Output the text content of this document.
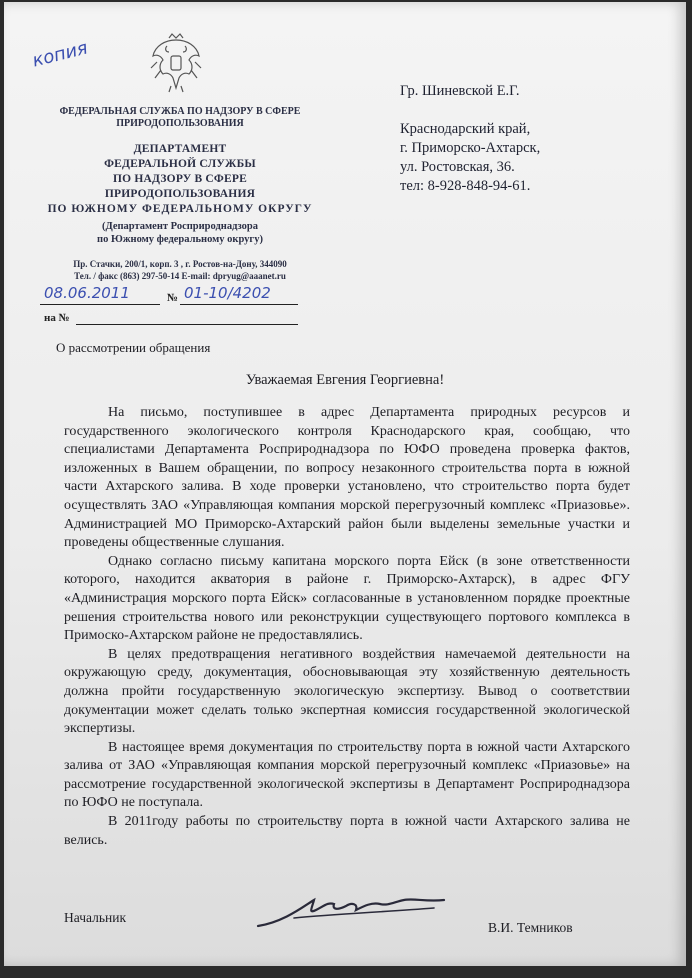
копия
ФЕДЕРАЛЬНАЯ СЛУЖБА ПО НАДЗОРУ В СФЕРЕ
ПРИРОДОПОЛЬЗОВАНИЯ
ДЕПАРТАМЕНТ
ФЕДЕРАЛЬНОЙ СЛУЖБЫ
ПО НАДЗОРУ В СФЕРЕ
ПРИРОДОПОЛЬЗОВАНИЯ
ПО ЮЖНОМУ ФЕДЕРАЛЬНОМУ ОКРУГУ
(Департамент Росприроднадзора
по Южному федеральному округу)
Пр. Стачки, 200/1, корп. 3 , г. Ростов-на-Дону, 344090
Тел. / факс (863) 297-50-14 E-mail: dpryug@aaanet.ru
08.06.2011	№ 01-10/4202
на №
Гр. Шиневской Е.Г.
Краснодарский край,
г. Приморско-Ахтарск,
ул. Ростовская, 36.
тел: 8-928-848-94-61.
О рассмотрении обращения
Уважаемая Евгения Георгиевна!

На письмо, поступившее в адрес Департамента природных ресурсов и государственного экологического контроля Краснодарского края, сообщаю, что специалистами Департамента Росприроднадзора по ЮФО проведена проверка фактов, изложенных в Вашем обращении, по вопросу незаконного строительства порта в южной части Ахтарского залива. В ходе проверки установлено, что строительство порта будет осуществлять ЗАО «Управляющая компания морской перегрузочный комплекс «Приазовье». Администрацией МО Приморско-Ахтарский район были выделены земельные участки и проведены общественные слушания.

Однако согласно письму капитана морского порта Ейск (в зоне ответственности которого, находится акватория в районе г. Приморско-Ахтарск), в адрес ФГУ «Администрация морского порта Ейск» согласованные в установленном порядке проектные решения строительства нового или реконструкции существующего портового комплекса в Примоско-Ахтарском районе не предоставлялись.

В целях предотвращения негативного воздействия намечаемой деятельности на окружающую среду, документация, обосновывающая эту хозяйственную деятельность должна пройти государственную экологическую экспертизу. Вывод о соответствии документации может сделать только экспертная комиссия государственной экологической экспертизы.

В настоящее время документация по строительству порта в южной части Ахтарского залива от ЗАО «Управляющая компания морской перегрузочный комплекс «Приазовье» на рассмотрение государственной экологической экспертизы в Департамент Росприроднадзора по ЮФО не поступала.

В 2011году работы по строительству порта в южной части Ахтарского залива не велись.

Начальник
В.И. Темников
